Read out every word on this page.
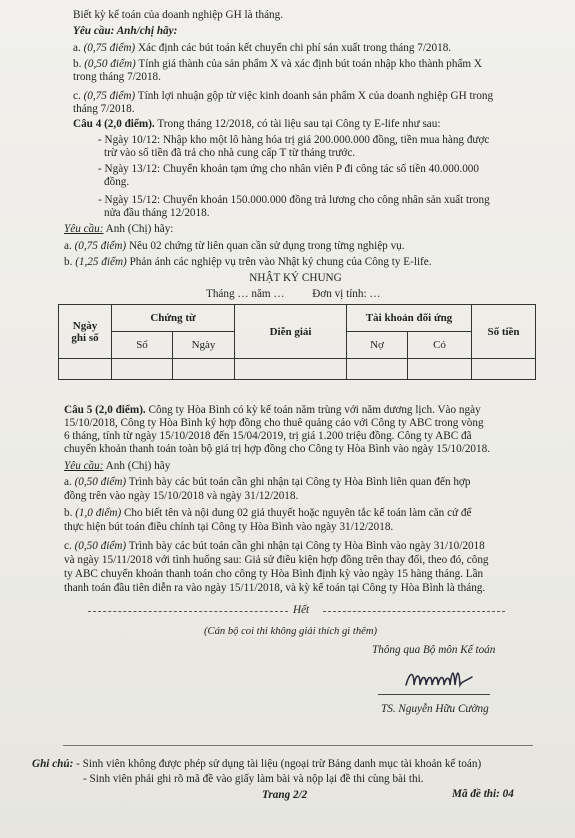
Biết kỳ kế toán của doanh nghiệp GH là tháng.
Yêu cầu: Anh/chị hãy:
a. (0,75 điểm) Xác định các bút toán kết chuyển chi phí sản xuất trong tháng 7/2018.
b. (0,50 điểm) Tính giá thành của sản phẩm X và xác định bút toán nhập kho thành phẩm X
trong tháng 7/2018.
c. (0,75 điểm) Tính lợi nhuận gộp từ việc kinh doanh sản phẩm X của doanh nghiệp GH trong
tháng 7/2018.
Câu 4 (2,0 điểm). Trong tháng 12/2018, có tài liệu sau tại Công ty E-life như sau:
- Ngày 10/12: Nhập kho một lô hàng hóa trị giá 200.000.000 đồng, tiền mua hàng được
trừ vào số tiền đã trả cho nhà cung cấp T từ tháng trước.
- Ngày 13/12: Chuyển khoản tạm ứng cho nhân viên P đi công tác số tiền 40.000.000
đồng.
- Ngày 15/12: Chuyển khoản 150.000.000 đồng trả lương cho công nhân sản xuất trong
nửa đầu tháng 12/2018.
Yêu cầu: Anh (Chị) hãy:
a. (0,75 điểm) Nêu 02 chứng từ liên quan cần sử dụng trong từng nghiệp vụ.
b. (1,25 điểm) Phản ánh các nghiệp vụ trên vào Nhật ký chung của Công ty E-life.
NHẬT KÝ CHUNG
Tháng … năm … Đơn vị tính: …
Ngày
ghi số	Chứng từ		Diễn giải	Tài khoản đối ứng		Số tiền
	Số	Ngày		Nợ	Có	

Câu 5 (2,0 điểm). Công ty Hòa Bình có kỳ kế toán năm trùng với năm dương lịch. Vào ngày
15/10/2018, Công ty Hòa Bình ký hợp đồng cho thuê quảng cáo với Công ty ABC trong vòng
6 tháng, tính từ ngày 15/10/2018 đến 15/04/2019, trị giá 1.200 triệu đồng. Công ty ABC đã
chuyển khoản thanh toán toàn bộ giá trị hợp đồng cho Công ty Hòa Bình vào ngày 15/10/2018.
Yêu cầu: Anh (Chị) hãy
a. (0,50 điểm) Trình bày các bút toán cần ghi nhận tại Công ty Hòa Bình liên quan đến hợp
đồng trên vào ngày 15/10/2018 và ngày 31/12/2018.
b. (1,0 điểm) Cho biết tên và nội dung 02 giả thuyết hoặc nguyên tắc kế toán làm căn cứ để
thực hiện bút toán điều chỉnh tại Công ty Hòa Bình vào ngày 31/12/2018.
c. (0,50 điểm) Trình bày các bút toán cần ghi nhận tại Công ty Hòa Bình vào ngày 31/10/2018
và ngày 15/11/2018 với tình huống sau: Giả sử điều kiện hợp đồng trên thay đổi, theo đó, công
ty ABC chuyển khoản thanh toán cho công ty Hòa Bình định kỳ vào ngày 15 hàng tháng. Lần
thanh toán đầu tiên diễn ra vào ngày 15/11/2018, và kỳ kế toán tại Công ty Hòa Bình là tháng.
Hết
(Cán bộ coi thi không giải thích gì thêm)
Thông qua Bộ môn Kế toán
TS. Nguyễn Hữu Cường
Ghi chú: - Sinh viên không được phép sử dụng tài liệu (ngoại trừ Bảng danh mục tài khoản kế toán)
- Sinh viên phải ghi rõ mã đề vào giấy làm bài và nộp lại đề thi cùng bài thi.
Trang 2/2	Mã đề thi: 04
